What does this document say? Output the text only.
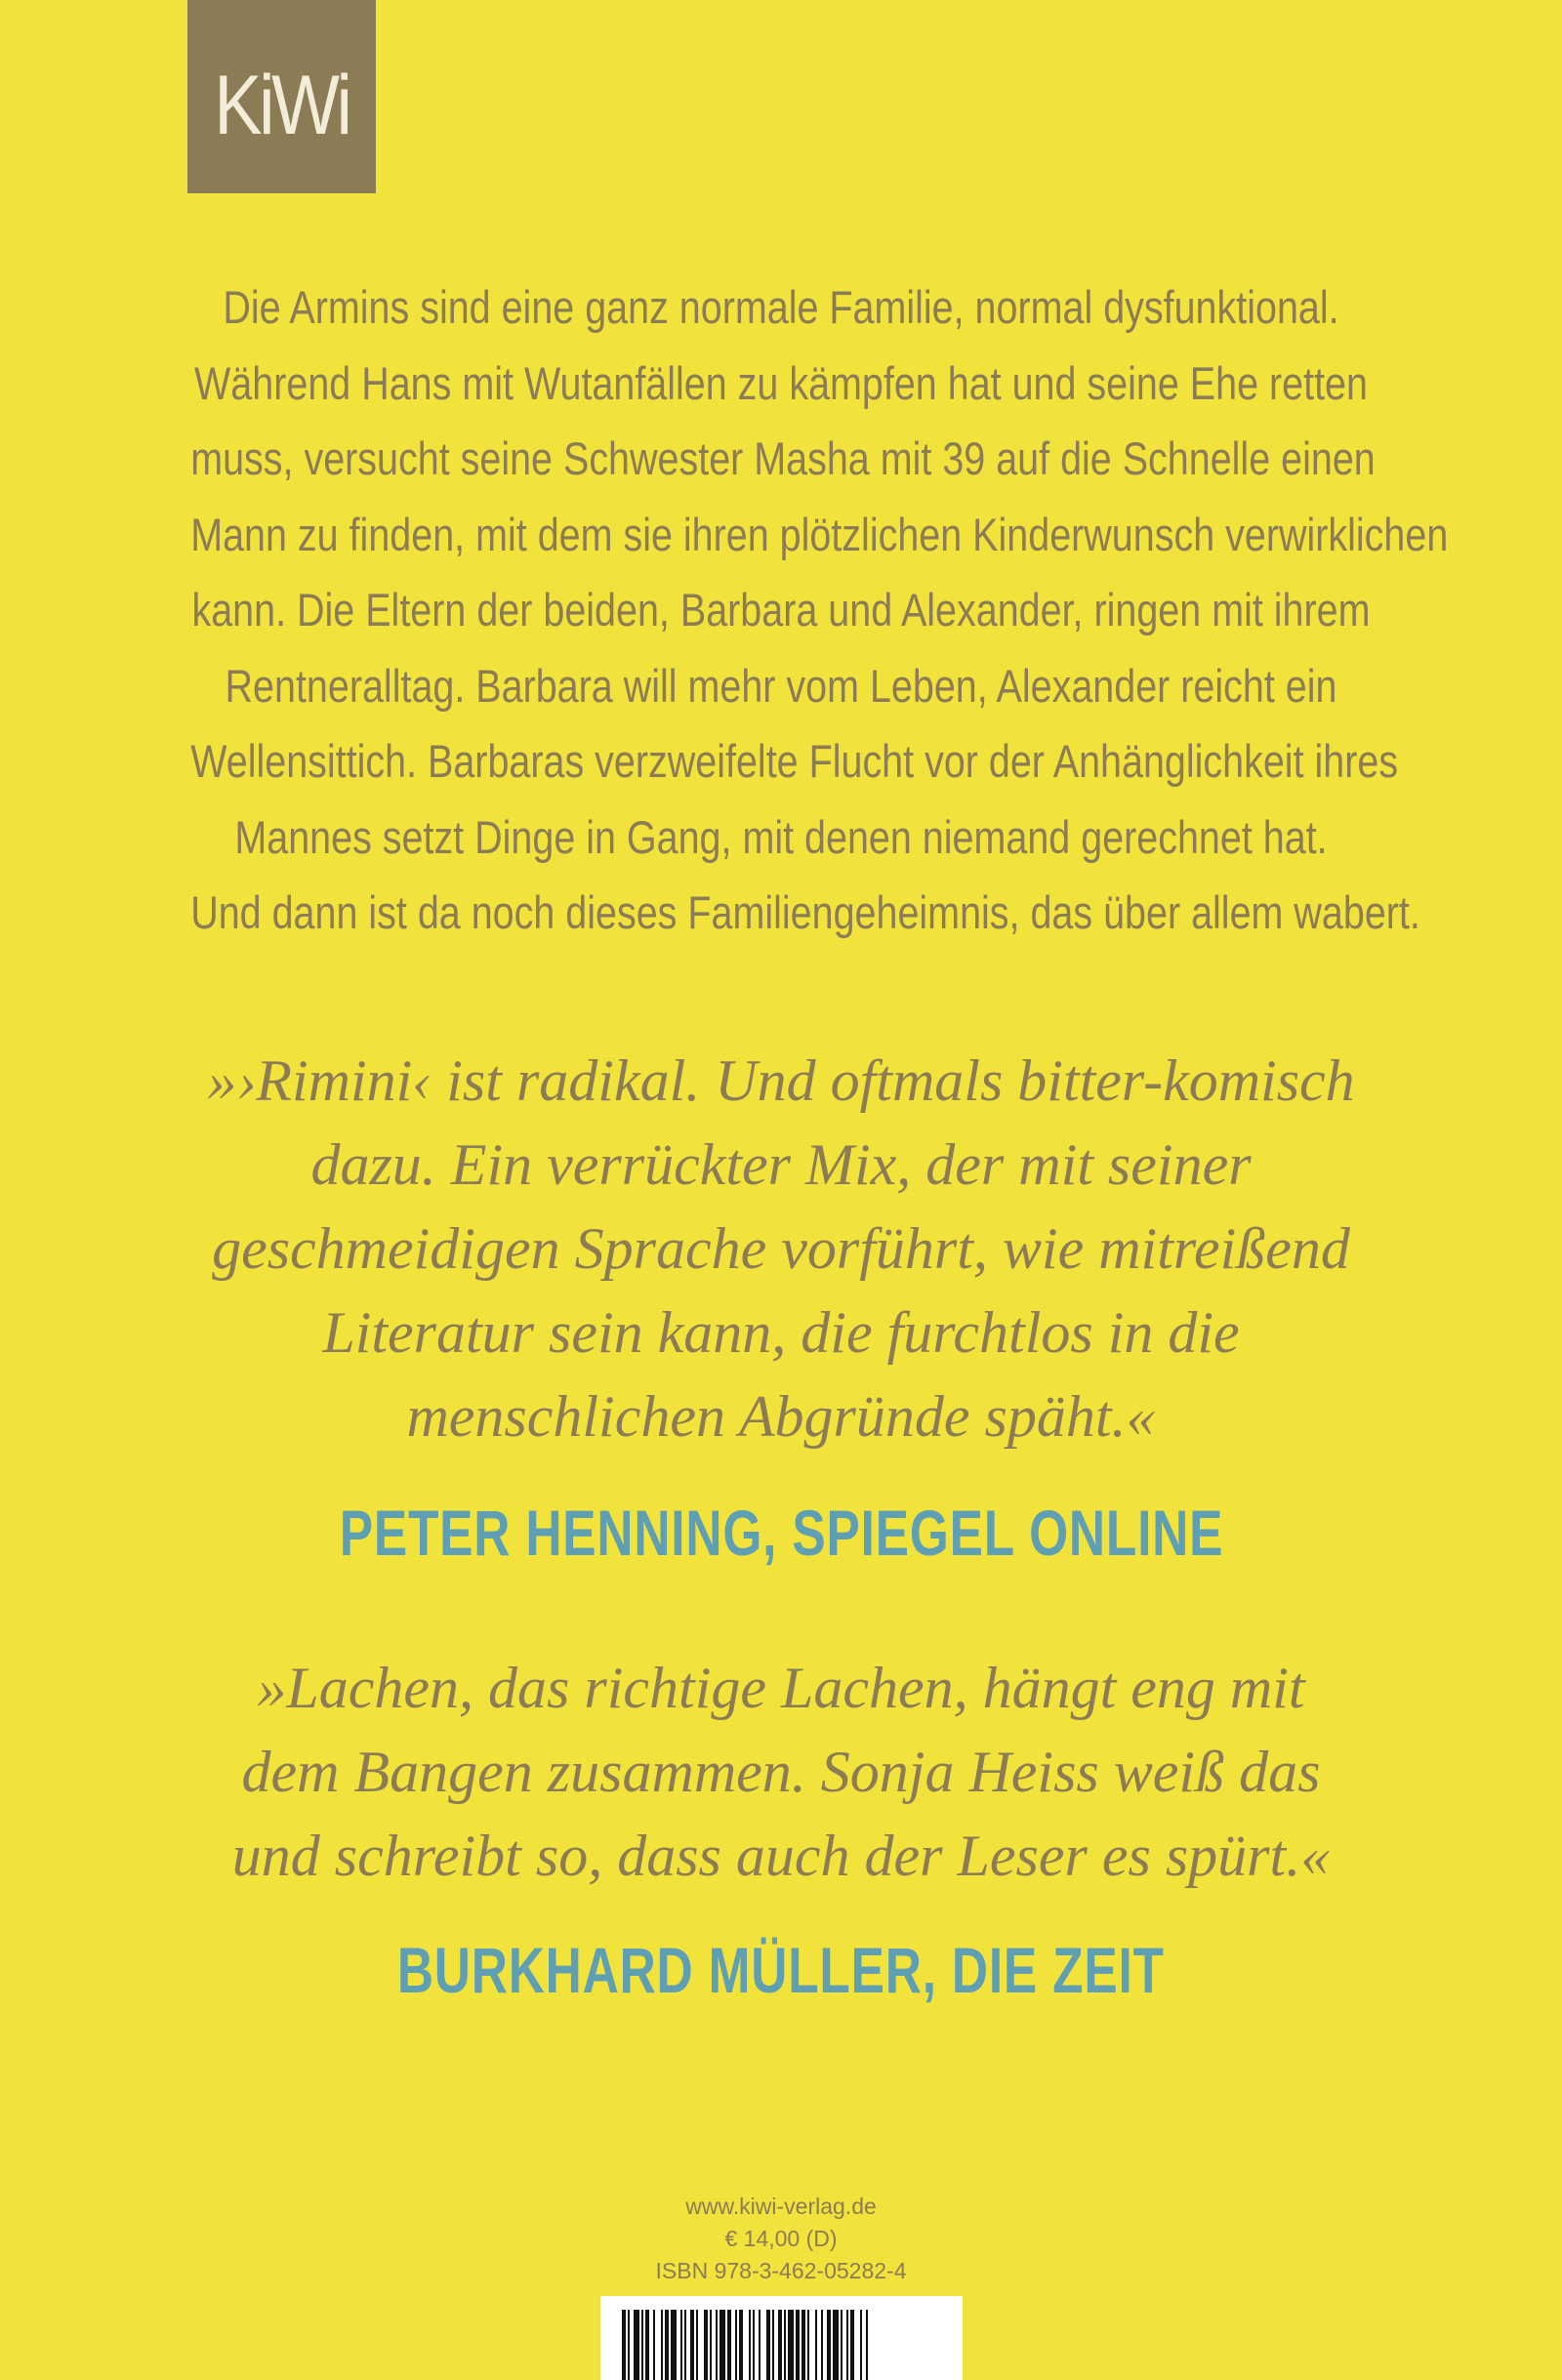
KiWi
Die Armins sind eine ganz normale Familie, normal dysfunktional.
Während Hans mit Wutanfällen zu kämpfen hat und seine Ehe retten
muss, versucht seine Schwester Masha mit 39 auf die Schnelle einen
Mann zu finden, mit dem sie ihren plötzlichen Kinderwunsch verwirklichen
kann. Die Eltern der beiden, Barbara und Alexander, ringen mit ihrem
Rentneralltag. Barbara will mehr vom Leben, Alexander reicht ein
Wellensittich. Barbaras verzweifelte Flucht vor der Anhänglichkeit ihres
Mannes setzt Dinge in Gang, mit denen niemand gerechnet hat.
Und dann ist da noch dieses Familiengeheimnis, das über allem wabert.
»›Rimini‹ ist radikal. Und oftmals bitter-komisch
dazu. Ein verrückter Mix, der mit seiner
geschmeidigen Sprache vorführt, wie mitreißend
Literatur sein kann, die furchtlos in die
menschlichen Abgründe späht.«
PETER HENNING, SPIEGEL ONLINE
»Lachen, das richtige Lachen, hängt eng mit
dem Bangen zusammen. Sonja Heiss weiß das
und schreibt so, dass auch der Leser es spürt.«
BURKHARD MÜLLER, DIE ZEIT
www.kiwi-verlag.de
€ 14,00 (D)
ISBN 978-3-462-05282-4
